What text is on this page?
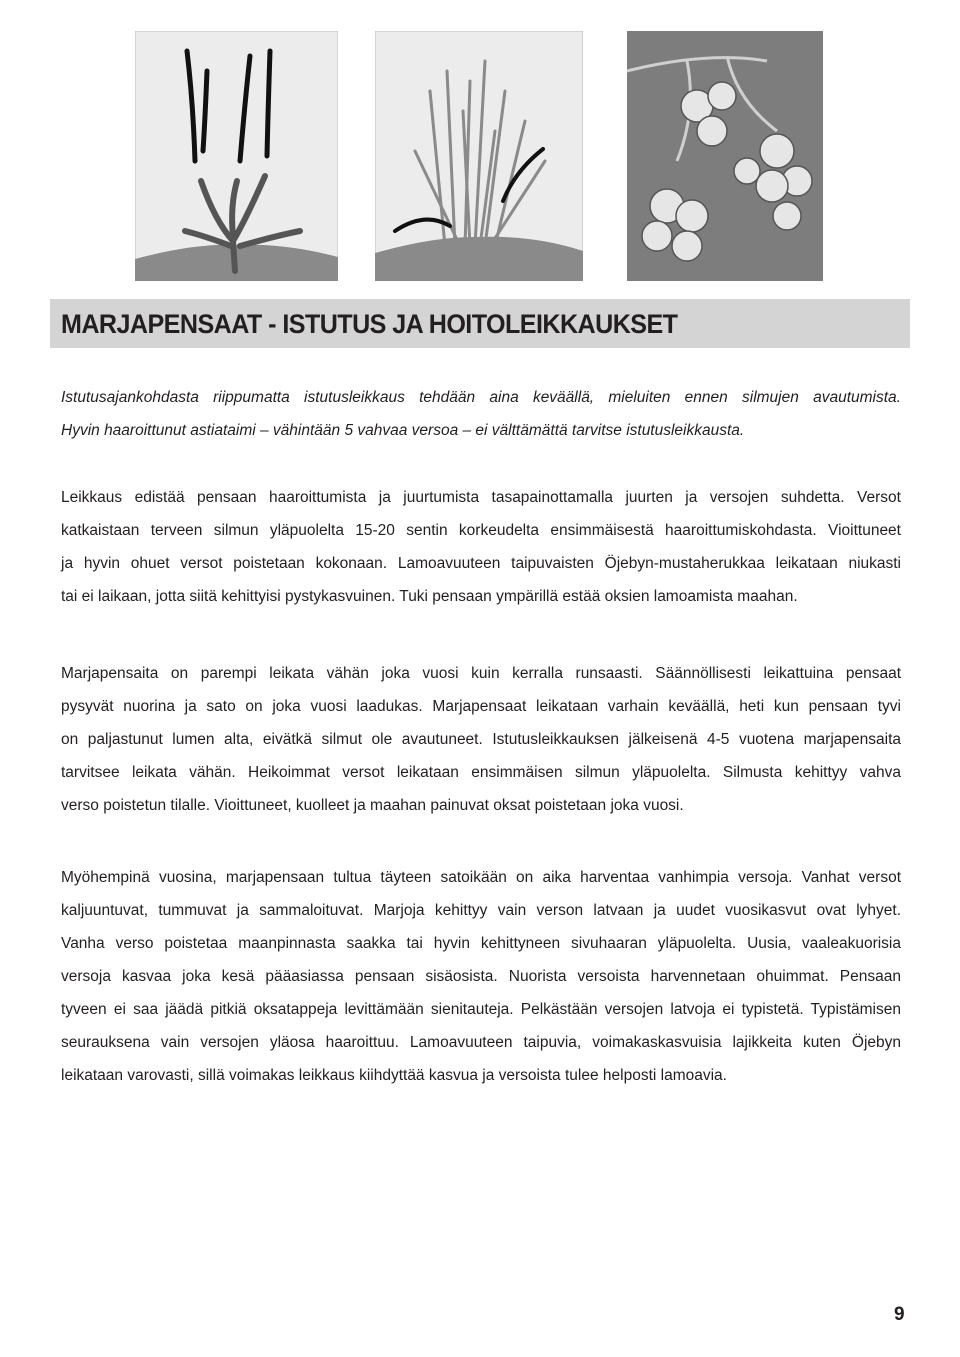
MARJAPENSAAT - ISTUTUS JA HOITOLEIKKAUKSET

Istutusajankohdasta riippumatta istutusleikkaus tehdään aina keväällä, mieluiten ennen silmujen avautumista.
Hyvin haaroittunut astiataimi – vähintään 5 vahvaa versoa – ei välttämättä tarvitse istutusleikkausta.

Leikkaus edistää pensaan haaroittumista ja juurtumista tasapainottamalla juurten ja versojen suhdetta. Versot
katkaistaan terveen silmun yläpuolelta 15-20 sentin korkeudelta ensimmäisestä haaroittumiskohdasta. Vioittuneet
ja hyvin ohuet versot poistetaan kokonaan. Lamoavuuteen taipuvaisten Öjebyn-mustaherukkaa leikataan niukasti
tai ei laikaan, jotta siitä kehittyisi pystykasvuinen. Tuki pensaan ympärillä estää oksien lamoamista maahan.

Marjapensaita on parempi leikata vähän joka vuosi kuin kerralla runsaasti. Säännöllisesti leikattuina pensaat
pysyvät nuorina ja sato on joka vuosi laadukas. Marjapensaat leikataan varhain keväällä, heti kun pensaan tyvi
on paljastunut lumen alta, eivätkä silmut ole avautuneet. Istutusleikkauksen jälkeisenä 4-5 vuotena marjapensaita
tarvitsee leikata vähän. Heikoimmat versot leikataan ensimmäisen silmun yläpuolelta. Silmusta kehittyy vahva
verso poistetun tilalle. Vioittuneet, kuolleet ja maahan painuvat oksat poistetaan joka vuosi.

Myöhempinä vuosina, marjapensaan tultua täyteen satoikään on aika harventaa vanhimpia versoja. Vanhat versot
kaljuuntuvat, tummuvat ja sammaloituvat. Marjoja kehittyy vain verson latvaan ja uudet vuosikasvut ovat lyhyet.
Vanha verso poistetaa maanpinnasta saakka tai hyvin kehittyneen sivuhaaran yläpuolelta. Uusia, vaaleakuorisia
versoja kasvaa joka kesä pääasiassa pensaan sisäosista. Nuorista versoista harvennetaan ohuimmat. Pensaan
tyveen ei saa jäädä pitkiä oksatappeja levittämään sienitauteja. Pelkästään versojen latvoja ei typistetä. Typistämisen
seurauksena vain versojen yläosa haaroittuu. Lamoavuuteen taipuvia, voimakaskasvuisia lajikkeita kuten Öjebyn
leikataan varovasti, sillä voimakas leikkaus kiihdyttää kasvua ja versoista tulee helposti lamoavia.

9
